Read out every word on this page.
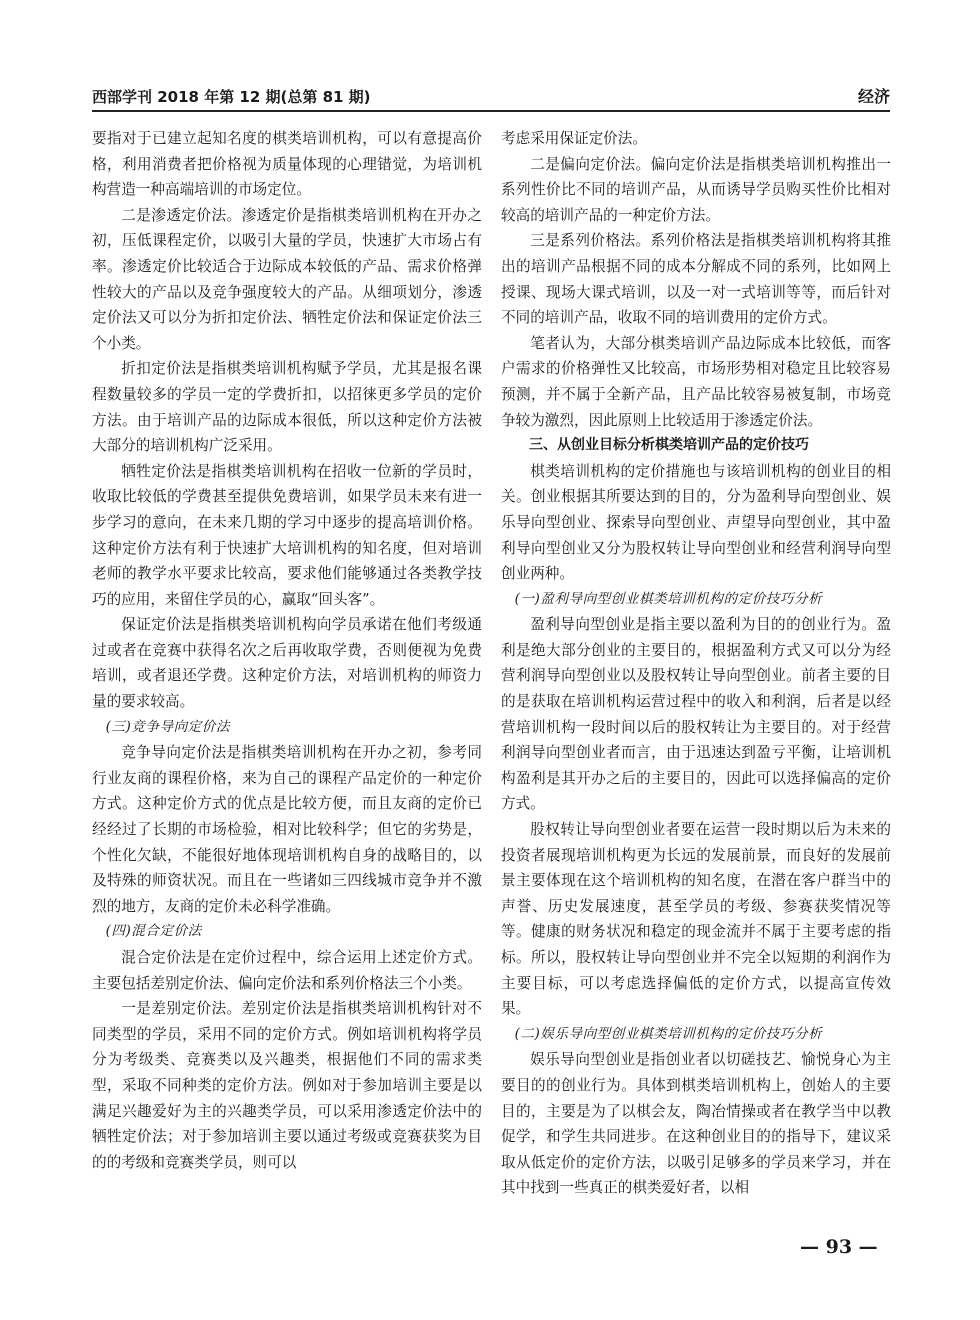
西部学刊 2018 年第 12 期(总第 81 期)	经济

要指对于已建立起知名度的棋类培训机构，可以有意提高价格，利用消费者把价格视为质量体现的心理错觉，为培训机构营造一种高端培训的市场定位。

二是渗透定价法。渗透定价是指棋类培训机构在开办之初，压低课程定价，以吸引大量的学员，快速扩大市场占有率。渗透定价比较适合于边际成本较低的产品、需求价格弹性较大的产品以及竞争强度较大的产品。从细项划分，渗透定价法又可以分为折扣定价法、牺牲定价法和保证定价法三个小类。

折扣定价法是指棋类培训机构赋予学员，尤其是报名课程数量较多的学员一定的学费折扣，以招徕更多学员的定价方法。由于培训产品的边际成本很低，所以这种定价方法被大部分的培训机构广泛采用。

牺牲定价法是指棋类培训机构在招收一位新的学员时，收取比较低的学费甚至提供免费培训，如果学员未来有进一步学习的意向，在未来几期的学习中逐步的提高培训价格。这种定价方法有利于快速扩大培训机构的知名度，但对培训老师的教学水平要求比较高，要求他们能够通过各类教学技巧的应用，来留住学员的心，赢取“回头客”。

保证定价法是指棋类培训机构向学员承诺在他们考级通过或者在竞赛中获得名次之后再收取学费，否则便视为免费培训，或者退还学费。这种定价方法，对培训机构的师资力量的要求较高。

(三)竞争导向定价法

竞争导向定价法是指棋类培训机构在开办之初，参考同行业友商的课程价格，来为自己的课程产品定价的一种定价方式。这种定价方式的优点是比较方便，而且友商的定价已经经过了长期的市场检验，相对比较科学；但它的劣势是，个性化欠缺，不能很好地体现培训机构自身的战略目的，以及特殊的师资状况。而且在一些诸如三四线城市竞争并不激烈的地方，友商的定价未必科学准确。

(四)混合定价法

混合定价法是在定价过程中，综合运用上述定价方式。主要包括差别定价法、偏向定价法和系列价格法三个小类。

一是差别定价法。差别定价法是指棋类培训机构针对不同类型的学员，采用不同的定价方式。例如培训机构将学员分为考级类、竞赛类以及兴趣类，根据他们不同的需求类型，采取不同种类的定价方法。例如对于参加培训主要是以满足兴趣爱好为主的兴趣类学员，可以采用渗透定价法中的牺牲定价法；对于参加培训主要以通过考级或竞赛获奖为目的的考级和竞赛类学员，则可以

考虑采用保证定价法。

二是偏向定价法。偏向定价法是指棋类培训机构推出一系列性价比不同的培训产品，从而诱导学员购买性价比相对较高的培训产品的一种定价方法。

三是系列价格法。系列价格法是指棋类培训机构将其推出的培训产品根据不同的成本分解成不同的系列，比如网上授课、现场大课式培训，以及一对一式培训等等，而后针对不同的培训产品，收取不同的培训费用的定价方式。

笔者认为，大部分棋类培训产品边际成本比较低，而客户需求的价格弹性又比较高，市场形势相对稳定且比较容易预测，并不属于全新产品，且产品比较容易被复制，市场竞争较为激烈，因此原则上比较适用于渗透定价法。

三、从创业目标分析棋类培训产品的定价技巧

棋类培训机构的定价措施也与该培训机构的创业目的相关。创业根据其所要达到的目的，分为盈利导向型创业、娱乐导向型创业、探索导向型创业、声望导向型创业，其中盈利导向型创业又分为股权转让导向型创业和经营利润导向型创业两种。

(一)盈利导向型创业棋类培训机构的定价技巧分析

盈利导向型创业是指主要以盈利为目的的创业行为。盈利是绝大部分创业的主要目的，根据盈利方式又可以分为经营利润导向型创业以及股权转让导向型创业。前者主要的目的是获取在培训机构运营过程中的收入和利润，后者是以经营培训机构一段时间以后的股权转让为主要目的。对于经营利润导向型创业者而言，由于迅速达到盈亏平衡，让培训机构盈利是其开办之后的主要目的，因此可以选择偏高的定价方式。

股权转让导向型创业者要在运营一段时期以后为未来的投资者展现培训机构更为长远的发展前景，而良好的发展前景主要体现在这个培训机构的知名度，在潜在客户群当中的声誉、历史发展速度，甚至学员的考级、参赛获奖情况等等。健康的财务状况和稳定的现金流并不属于主要考虑的指标。所以，股权转让导向型创业并不完全以短期的利润作为主要目标，可以考虑选择偏低的定价方式，以提高宣传效果。

(二)娱乐导向型创业棋类培训机构的定价技巧分析

娱乐导向型创业是指创业者以切磋技艺、愉悦身心为主要目的的创业行为。具体到棋类培训机构上，创始人的主要目的，主要是为了以棋会友，陶冶情操或者在教学当中以教促学，和学生共同进步。在这种创业目的的指导下，建议采取从低定价的定价方法，以吸引足够多的学员来学习，并在其中找到一些真正的棋类爱好者，以相

— 93 —
